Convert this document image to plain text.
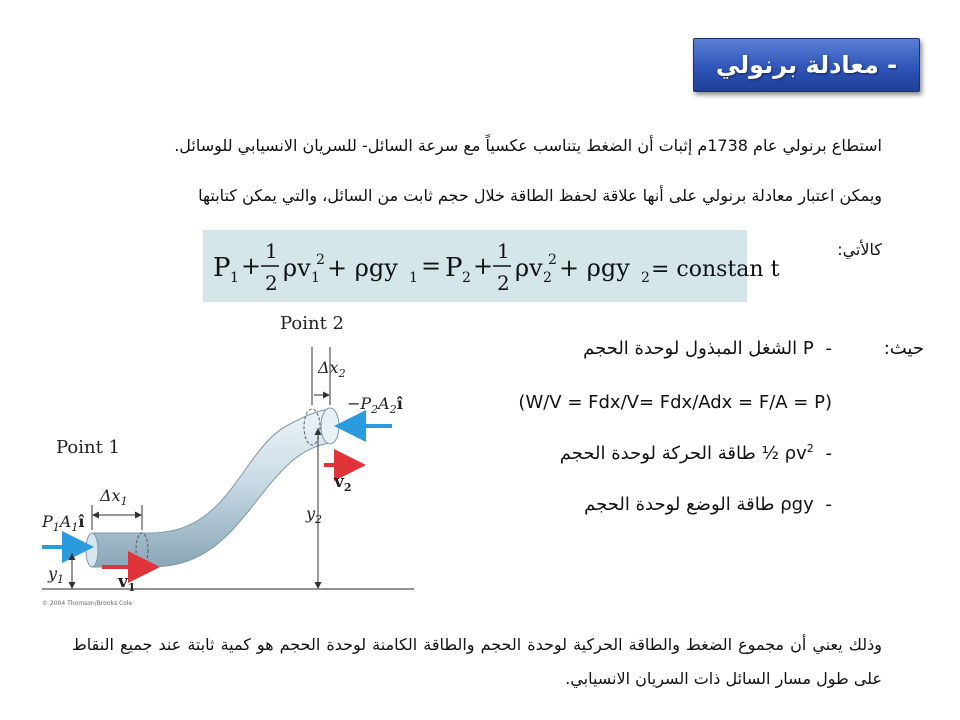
- معادلة برنولي
استطاع برنولي عام 1738م إثبات أن الضغط يتناسب عكسياً مع سرعة السائل- للسريان الانسيابي للوسائل.
ويمكن اعتبار معادلة برنولي على أنها علاقة لحفظ الطاقة خلال حجم ثابت من السائل، والتي يمكن كتابتها
كالأتي:
P 1 +
1
2
ρv 2
1 + ρgy 1 = P 2 +
1
2
ρv 2
2 + ρgy 2 = constan t
حيث:
- P الشغل المبذول لوحدة الحجم
(W/V = Fdx/V= Fdx/Adx = F/A = P)
- ½ $\rho v^2$ طاقة الحركة لوحدة الحجم
- ρgy طاقة الوضع لوحدة الحجم
Point 1
Point 2
$\Delta x_1$
$\Delta x_2$
$P_1A_1î$
$-P_2A_2î$
$v_1$
$v_2$
$y_1$
$y_2$
© 2004 Thomson/Brooks Cole
وذلك يعني أن مجموع الضغط والطاقة الحركية لوحدة الحجم والطاقة الكامنة لوحدة الحجم هو كمية ثابتة عند جميع النقاط على طول مسار السائل ذات السريان الانسيابي.
